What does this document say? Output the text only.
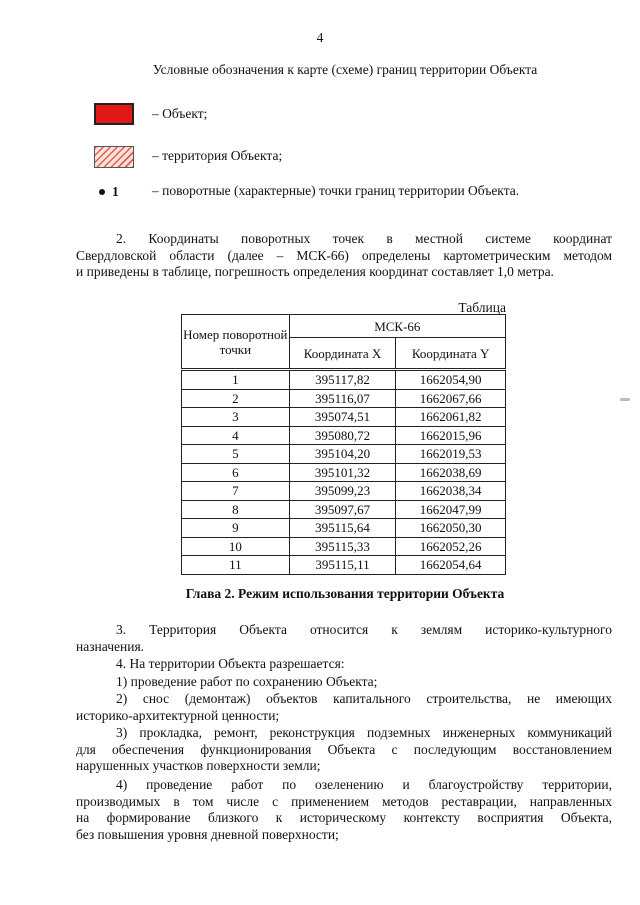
4
Условные обозначения к карте (схеме) границ территории Объекта
– Объект;
– территория Объекта;
1 – поворотные (характерные) точки границ территории Объекта.
2. Координаты поворотных точек в местной системе координат
Свердловской области (далее – МСК-66) определены картометрическим методом
и приведены в таблице, погрешность определения координат составляет 1,0 метра.
Таблица
Номер поворотной точки	МСК-66	
	Координата X	Координата Y
1	395117,82	1662054,90
2	395116,07	1662067,66
3	395074,51	1662061,82
4	395080,72	1662015,96
5	395104,20	1662019,53
6	395101,32	1662038,69
7	395099,23	1662038,34
8	395097,67	1662047,99
9	395115,64	1662050,30
10	395115,33	1662052,26
11	395115,11	1662054,64
Глава 2. Режим использования территории Объекта
3. Территория Объекта относится к землям историко-культурного
назначения.
4. На территории Объекта разрешается:
1) проведение работ по сохранению Объекта;
2) снос (демонтаж) объектов капитального строительства, не имеющих
историко-архитектурной ценности;
3) прокладка, ремонт, реконструкция подземных инженерных коммуникаций
для обеспечения функционирования Объекта с последующим восстановлением
нарушенных участков поверхности земли;
4) проведение работ по озеленению и благоустройству территории,
производимых в том числе с применением методов реставрации, направленных
на формирование близкого к историческому контексту восприятия Объекта,
без повышения уровня дневной поверхности;
